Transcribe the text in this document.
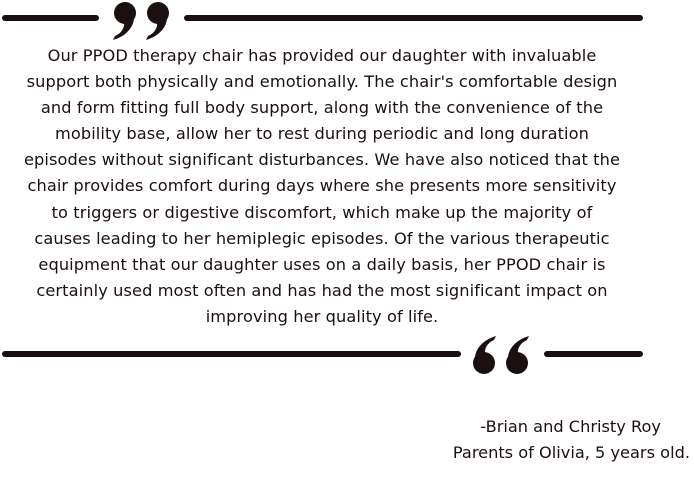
Our PPOD therapy chair has provided our daughter with invaluable support both physically and emotionally. The chair's comfortable design and form fitting full body support, along with the convenience of the mobility base, allow her to rest during periodic and long duration episodes without significant disturbances. We have also noticed that the chair provides comfort during days where she presents more sensitivity to triggers or digestive discomfort, which make up the majority of causes leading to her hemiplegic episodes. Of the various therapeutic equipment that our daughter uses on a daily basis, her PPOD chair is certainly used most often and has had the most significant impact on improving her quality of life.

-Brian and Christy Roy
Parents of Olivia, 5 years old.
